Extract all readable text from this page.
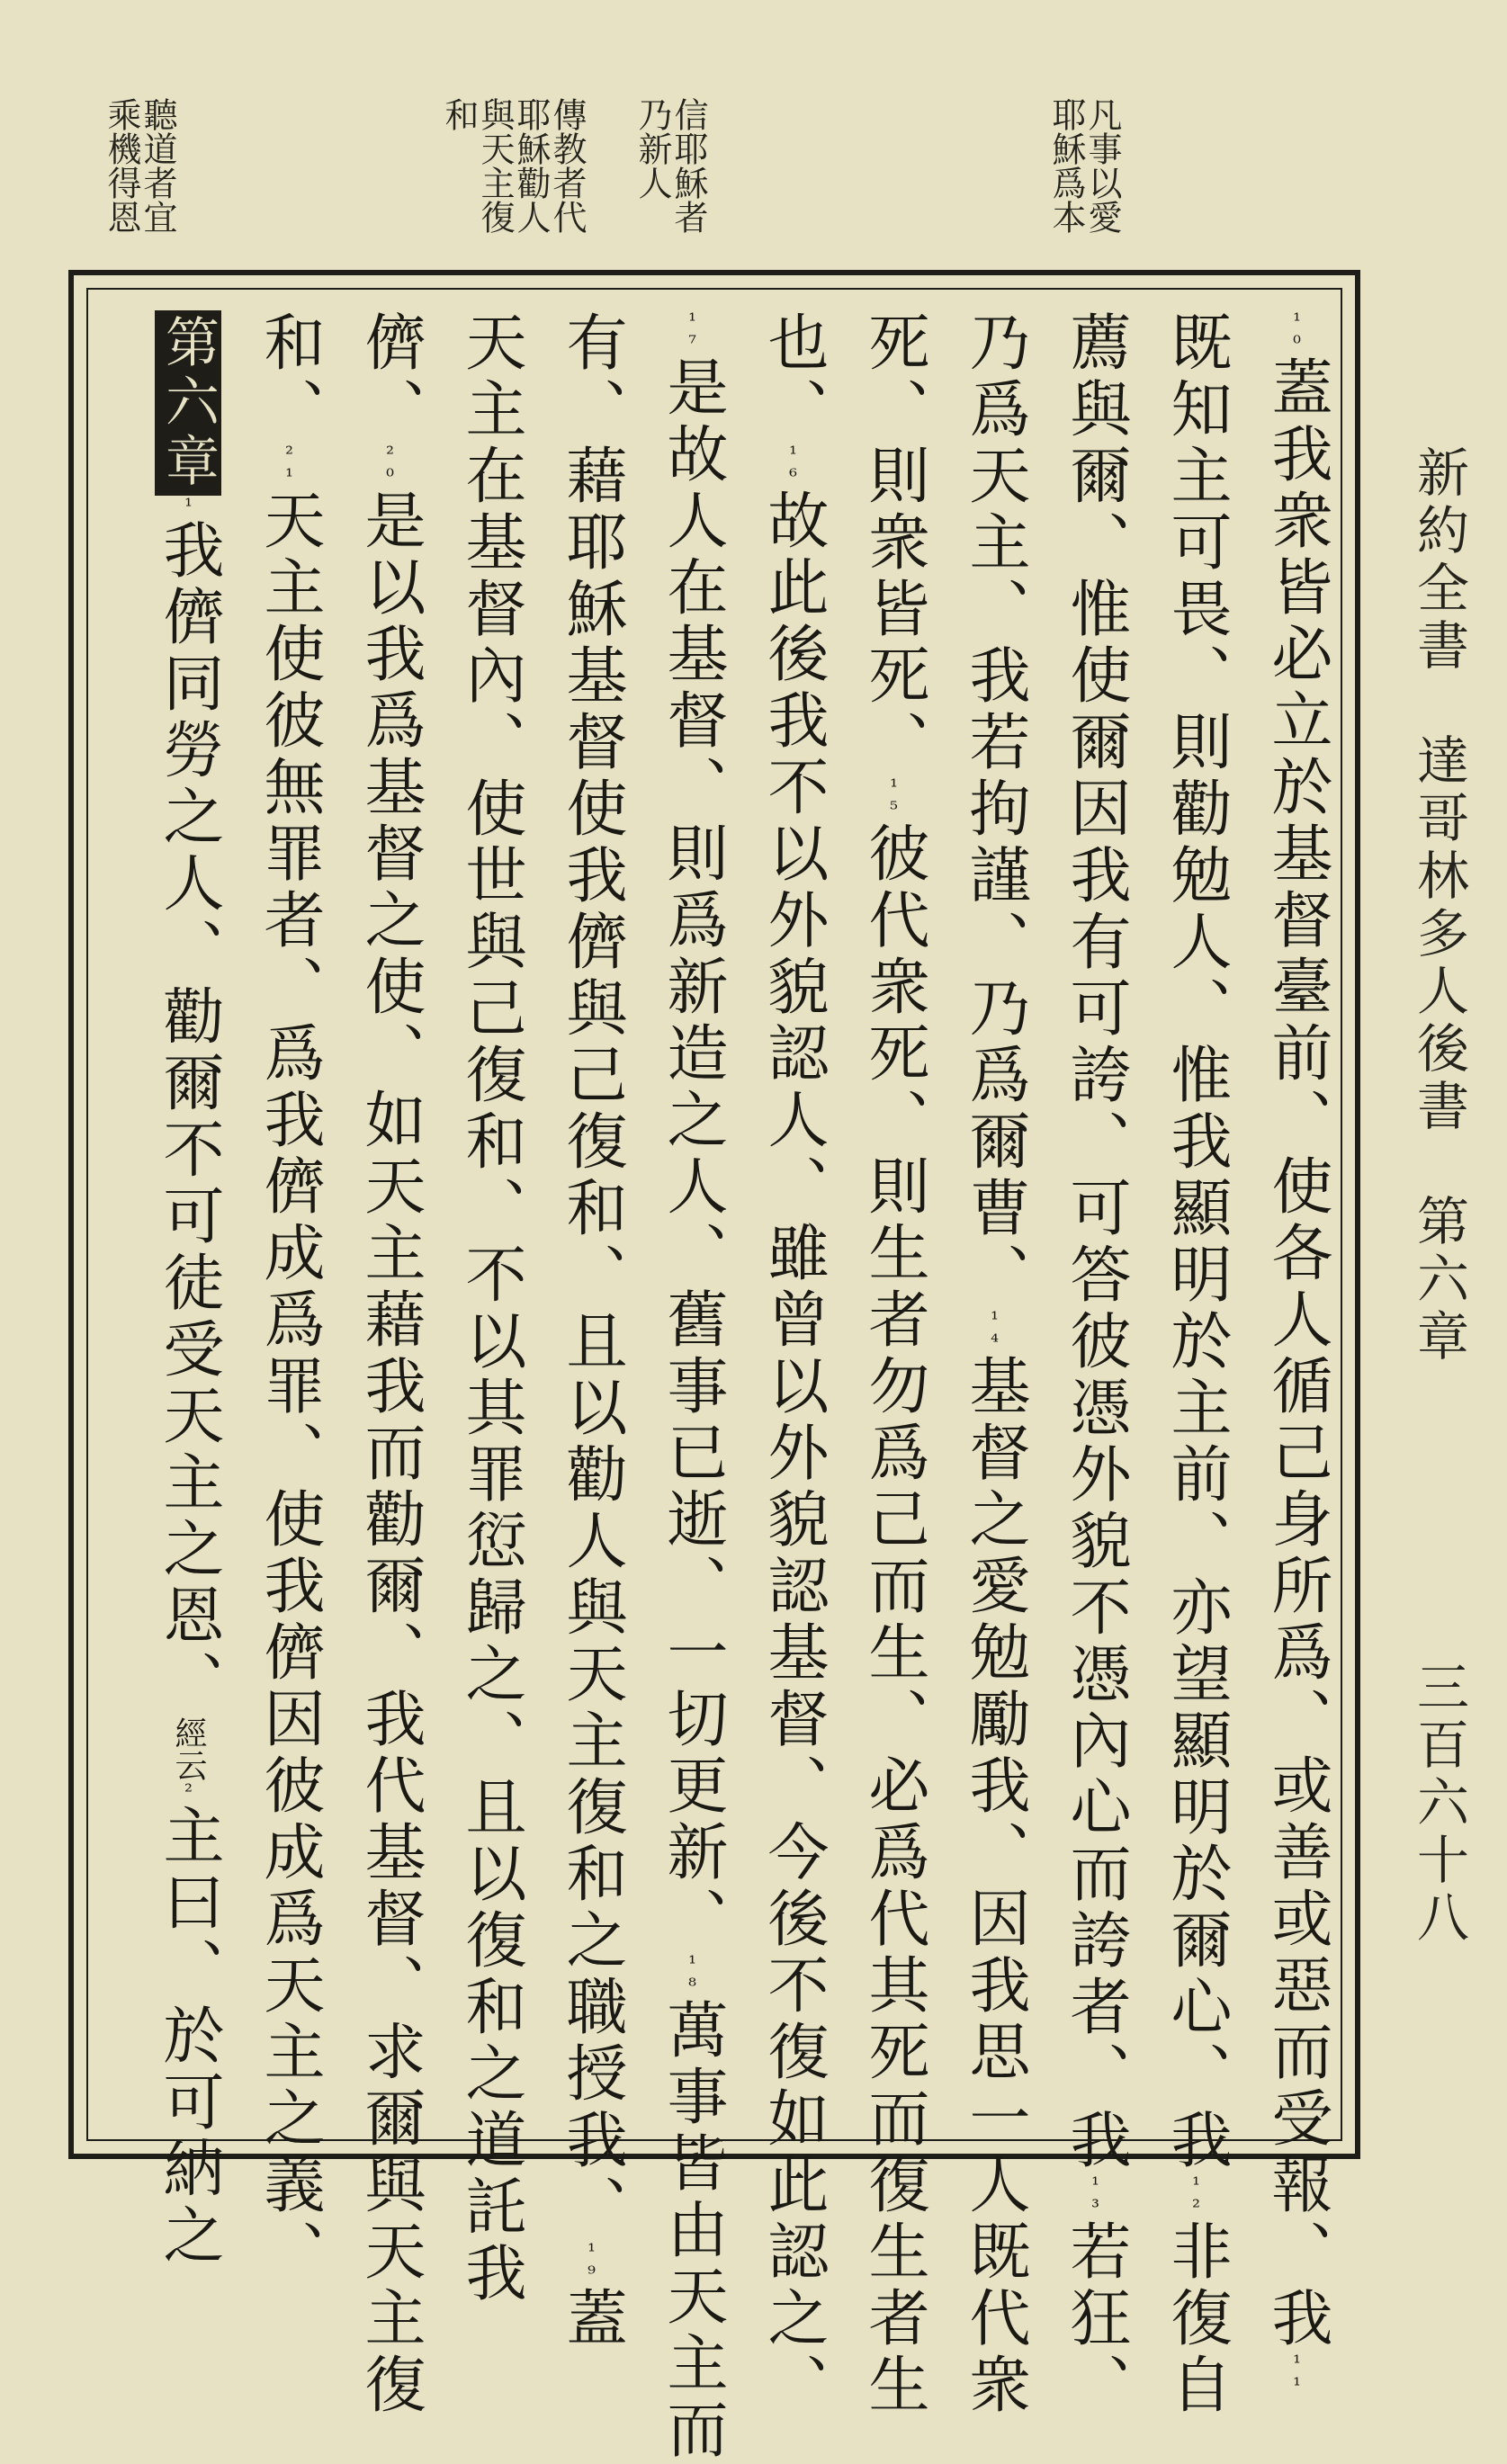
新約全書　達哥林多人後書　第六章
三百六十八
凡事以愛
耶穌爲本
信耶穌者
乃新人
傳教者代
耶穌勸人
與天主復
和
聽道者宜
乘機得恩
¹⁰蓋我衆皆必立於基督臺前、使各人循己身所爲、或善或惡而受報、我¹¹
既知主可畏、則勸勉人、惟我顯明於主前、亦望顯明於爾心、我¹²非復自
薦與爾、惟使爾因我有可誇、可答彼憑外貌不憑內心而誇者、我¹³若狂、
乃爲天主、我若拘謹、乃爲爾曹、¹⁴基督之愛勉勵我、因我思一人既代衆
死、則衆皆死、¹⁵彼代衆死、則生者勿爲己而生、必爲代其死而復生者生
也、¹⁶故此後我不以外貌認人、雖曾以外貌認基督、今後不復如此認之、
¹⁷是故人在基督、則爲新造之人、舊事已逝、一切更新、¹⁸萬事皆由天主而
有、藉耶穌基督使我儕與己復和、且以勸人與天主復和之職授我、¹⁹蓋
天主在基督內、使世與己復和、不以其罪愆歸之、且以復和之道託我
儕、²⁰是以我爲基督之使、如天主藉我而勸爾、我代基督、求爾與天主復
和、²¹天主使彼無罪者、爲我儕成爲罪、使我儕因彼成爲天主之義、
第六章¹我儕同勞之人、勸爾不可徒受天主之恩、經云²主曰、於可納之
